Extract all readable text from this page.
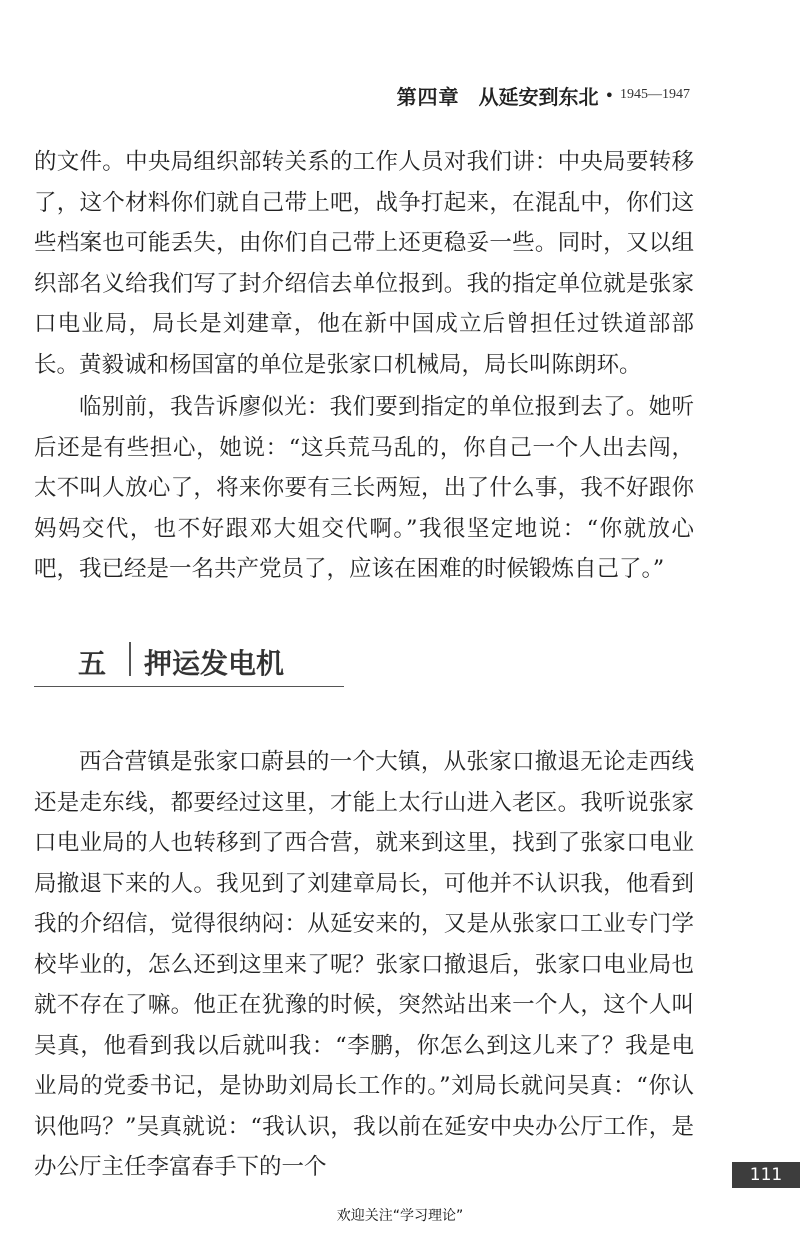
第四章 从延安到东北 • 1945—1947

的文件。中央局组织部转关系的工作人员对我们讲：中央局要转移了，这个材料你们就自己带上吧，战争打起来，在混乱中，你们这些档案也可能丢失，由你们自己带上还更稳妥一些。同时，又以组织部名义给我们写了封介绍信去单位报到。我的指定单位就是张家口电业局，局长是刘建章，他在新中国成立后曾担任过铁道部部长。黄毅诚和杨国富的单位是张家口机械局，局长叫陈朗环。

临别前，我告诉廖似光：我们要到指定的单位报到去了。她听后还是有些担心，她说：“这兵荒马乱的，你自己一个人出去闯，太不叫人放心了，将来你要有三长两短，出了什么事，我不好跟你妈妈交代，也不好跟邓大姐交代啊。”我很坚定地说：“你就放心吧，我已经是一名共产党员了，应该在困难的时候锻炼自己了。”

五 押运发电机

西合营镇是张家口蔚县的一个大镇，从张家口撤退无论走西线还是走东线，都要经过这里，才能上太行山进入老区。我听说张家口电业局的人也转移到了西合营，就来到这里，找到了张家口电业局撤退下来的人。我见到了刘建章局长，可他并不认识我，他看到我的介绍信，觉得很纳闷：从延安来的，又是从张家口工业专门学校毕业的，怎么还到这里来了呢？张家口撤退后，张家口电业局也就不存在了嘛。他正在犹豫的时候，突然站出来一个人，这个人叫吴真，他看到我以后就叫我：“李鹏，你怎么到这儿来了？我是电业局的党委书记，是协助刘局长工作的。”刘局长就问吴真：“你认识他吗？”吴真就说：“我认识，我以前在延安中央办公厅工作，是办公厅主任李富春手下的一个	111
欢迎关注“学习理论”
